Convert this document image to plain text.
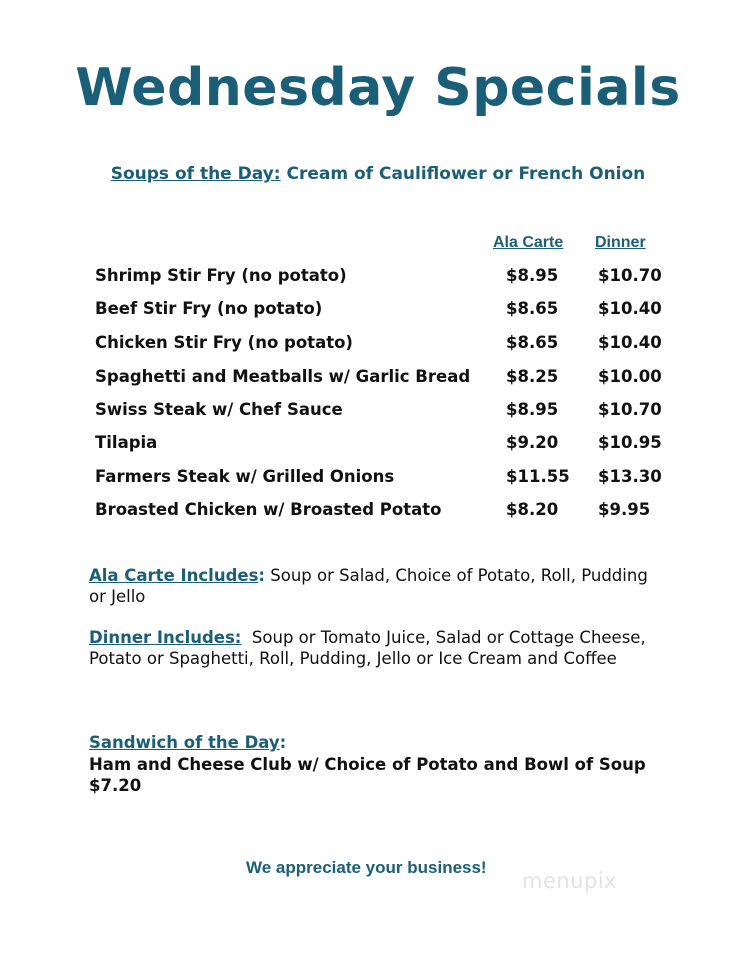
Wednesday Specials
Soups of the Day: Cream of Cauliflower or French Onion
Ala Carte Dinner
Shrimp Stir Fry (no potato)	$8.95 $10.70
Beef Stir Fry (no potato)	$8.65 $10.40
Chicken Stir Fry (no potato)	$8.65 $10.40
Spaghetti and Meatballs w/ Garlic Bread $8.25 $10.00
Swiss Steak w/ Chef Sauce	$8.95 $10.70
Tilapia	$9.20 $10.95
Farmers Steak w/ Grilled Onions	$11.55 $13.30
Broasted Chicken w/ Broasted Potato	$8.20 $9.95
Ala Carte Includes: Soup or Salad, Choice of Potato, Roll, Pudding or Jello
Dinner Includes: Soup or Tomato Juice, Salad or Cottage Cheese, Potato or Spaghetti, Roll, Pudding, Jello or Ice Cream and Coffee
Sandwich of the Day:
Ham and Cheese Club w/ Choice of Potato and Bowl of Soup
$7.20
We appreciate your business!
menupix
